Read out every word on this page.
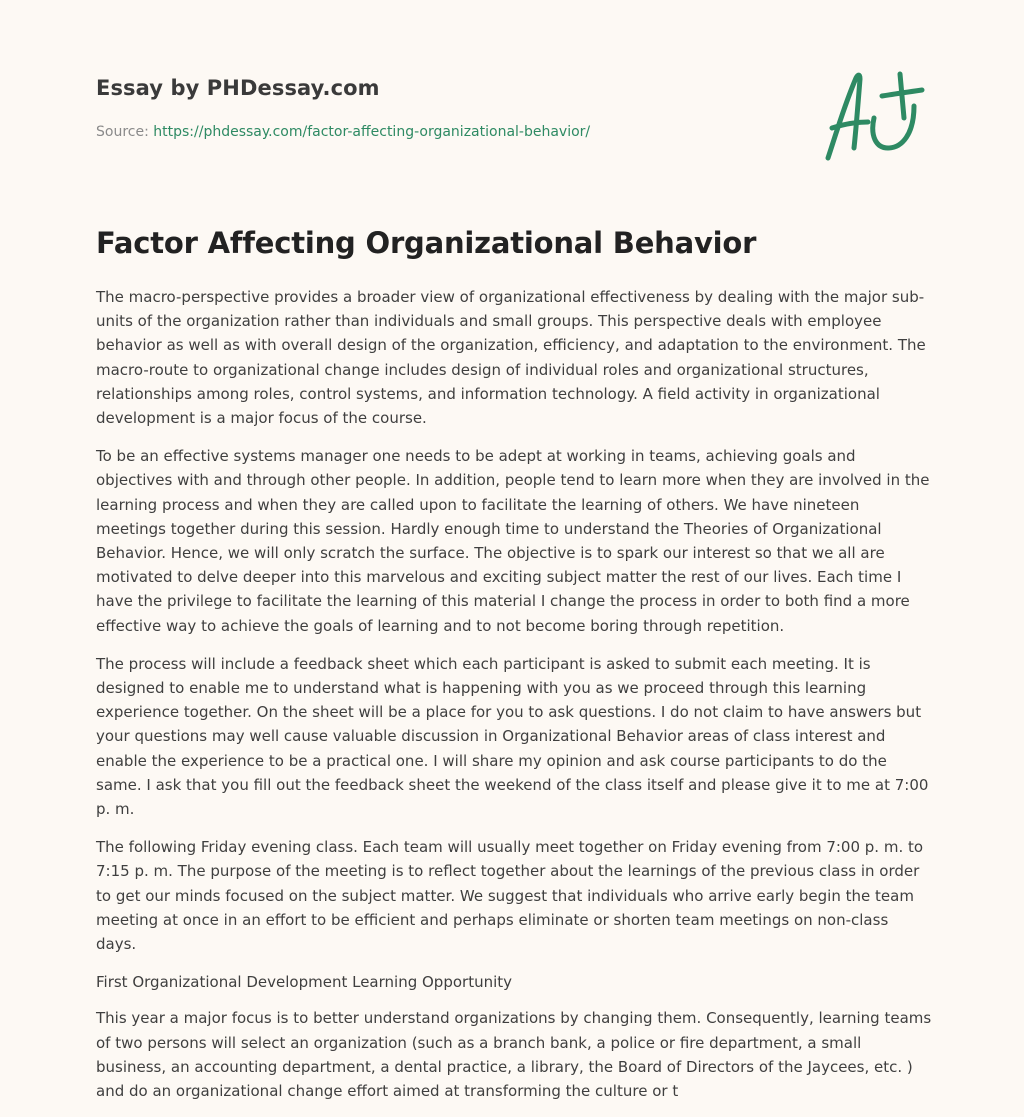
Essay by PHDessay.com
Source: https://phdessay.com/factor-affecting-organizational-behavior/
Factor Affecting Organizational Behavior

The macro-perspective provides a broader view of organizational effectiveness by dealing with the major sub-units of the organization rather than individuals and small groups. This perspective deals with employee behavior as well as with overall design of the organization, efficiency, and adaptation to the environment. The macro-route to organizational change includes design of individual roles and organizational structures, relationships among roles, control systems, and information technology. A field activity in organizational development is a major focus of the course.

To be an effective systems manager one needs to be adept at working in teams, achieving goals and objectives with and through other people. In addition, people tend to learn more when they are involved in the learning process and when they are called upon to facilitate the learning of others. We have nineteen meetings together during this session. Hardly enough time to understand the Theories of Organizational Behavior. Hence, we will only scratch the surface. The objective is to spark our interest so that we all are motivated to delve deeper into this marvelous and exciting subject matter the rest of our lives. Each time I have the privilege to facilitate the learning of this material I change the process in order to both find a more effective way to achieve the goals of learning and to not become boring through repetition.

The process will include a feedback sheet which each participant is asked to submit each meeting. It is designed to enable me to understand what is happening with you as we proceed through this learning experience together. On the sheet will be a place for you to ask questions. I do not claim to have answers but your questions may well cause valuable discussion in Organizational Behavior areas of class interest and enable the experience to be a practical one. I will share my opinion and ask course participants to do the same. I ask that you fill out the feedback sheet the weekend of the class itself and please give it to me at 7:00 p. m.

The following Friday evening class. Each team will usually meet together on Friday evening from 7:00 p. m. to 7:15 p. m. The purpose of the meeting is to reflect together about the learnings of the previous class in order to get our minds focused on the subject matter. We suggest that individuals who arrive early begin the team meeting at once in an effort to be efficient and perhaps eliminate or shorten team meetings on non-class days.

First Organizational Development Learning Opportunity

This year a major focus is to better understand organizations by changing them. Consequently, learning teams of two persons will select an organization (such as a branch bank, a police or fire department, a small business, an accounting department, a dental practice, a library, the Board of Directors of the Jaycees, etc. ) and do an organizational change effort aimed at transforming the culture or t
